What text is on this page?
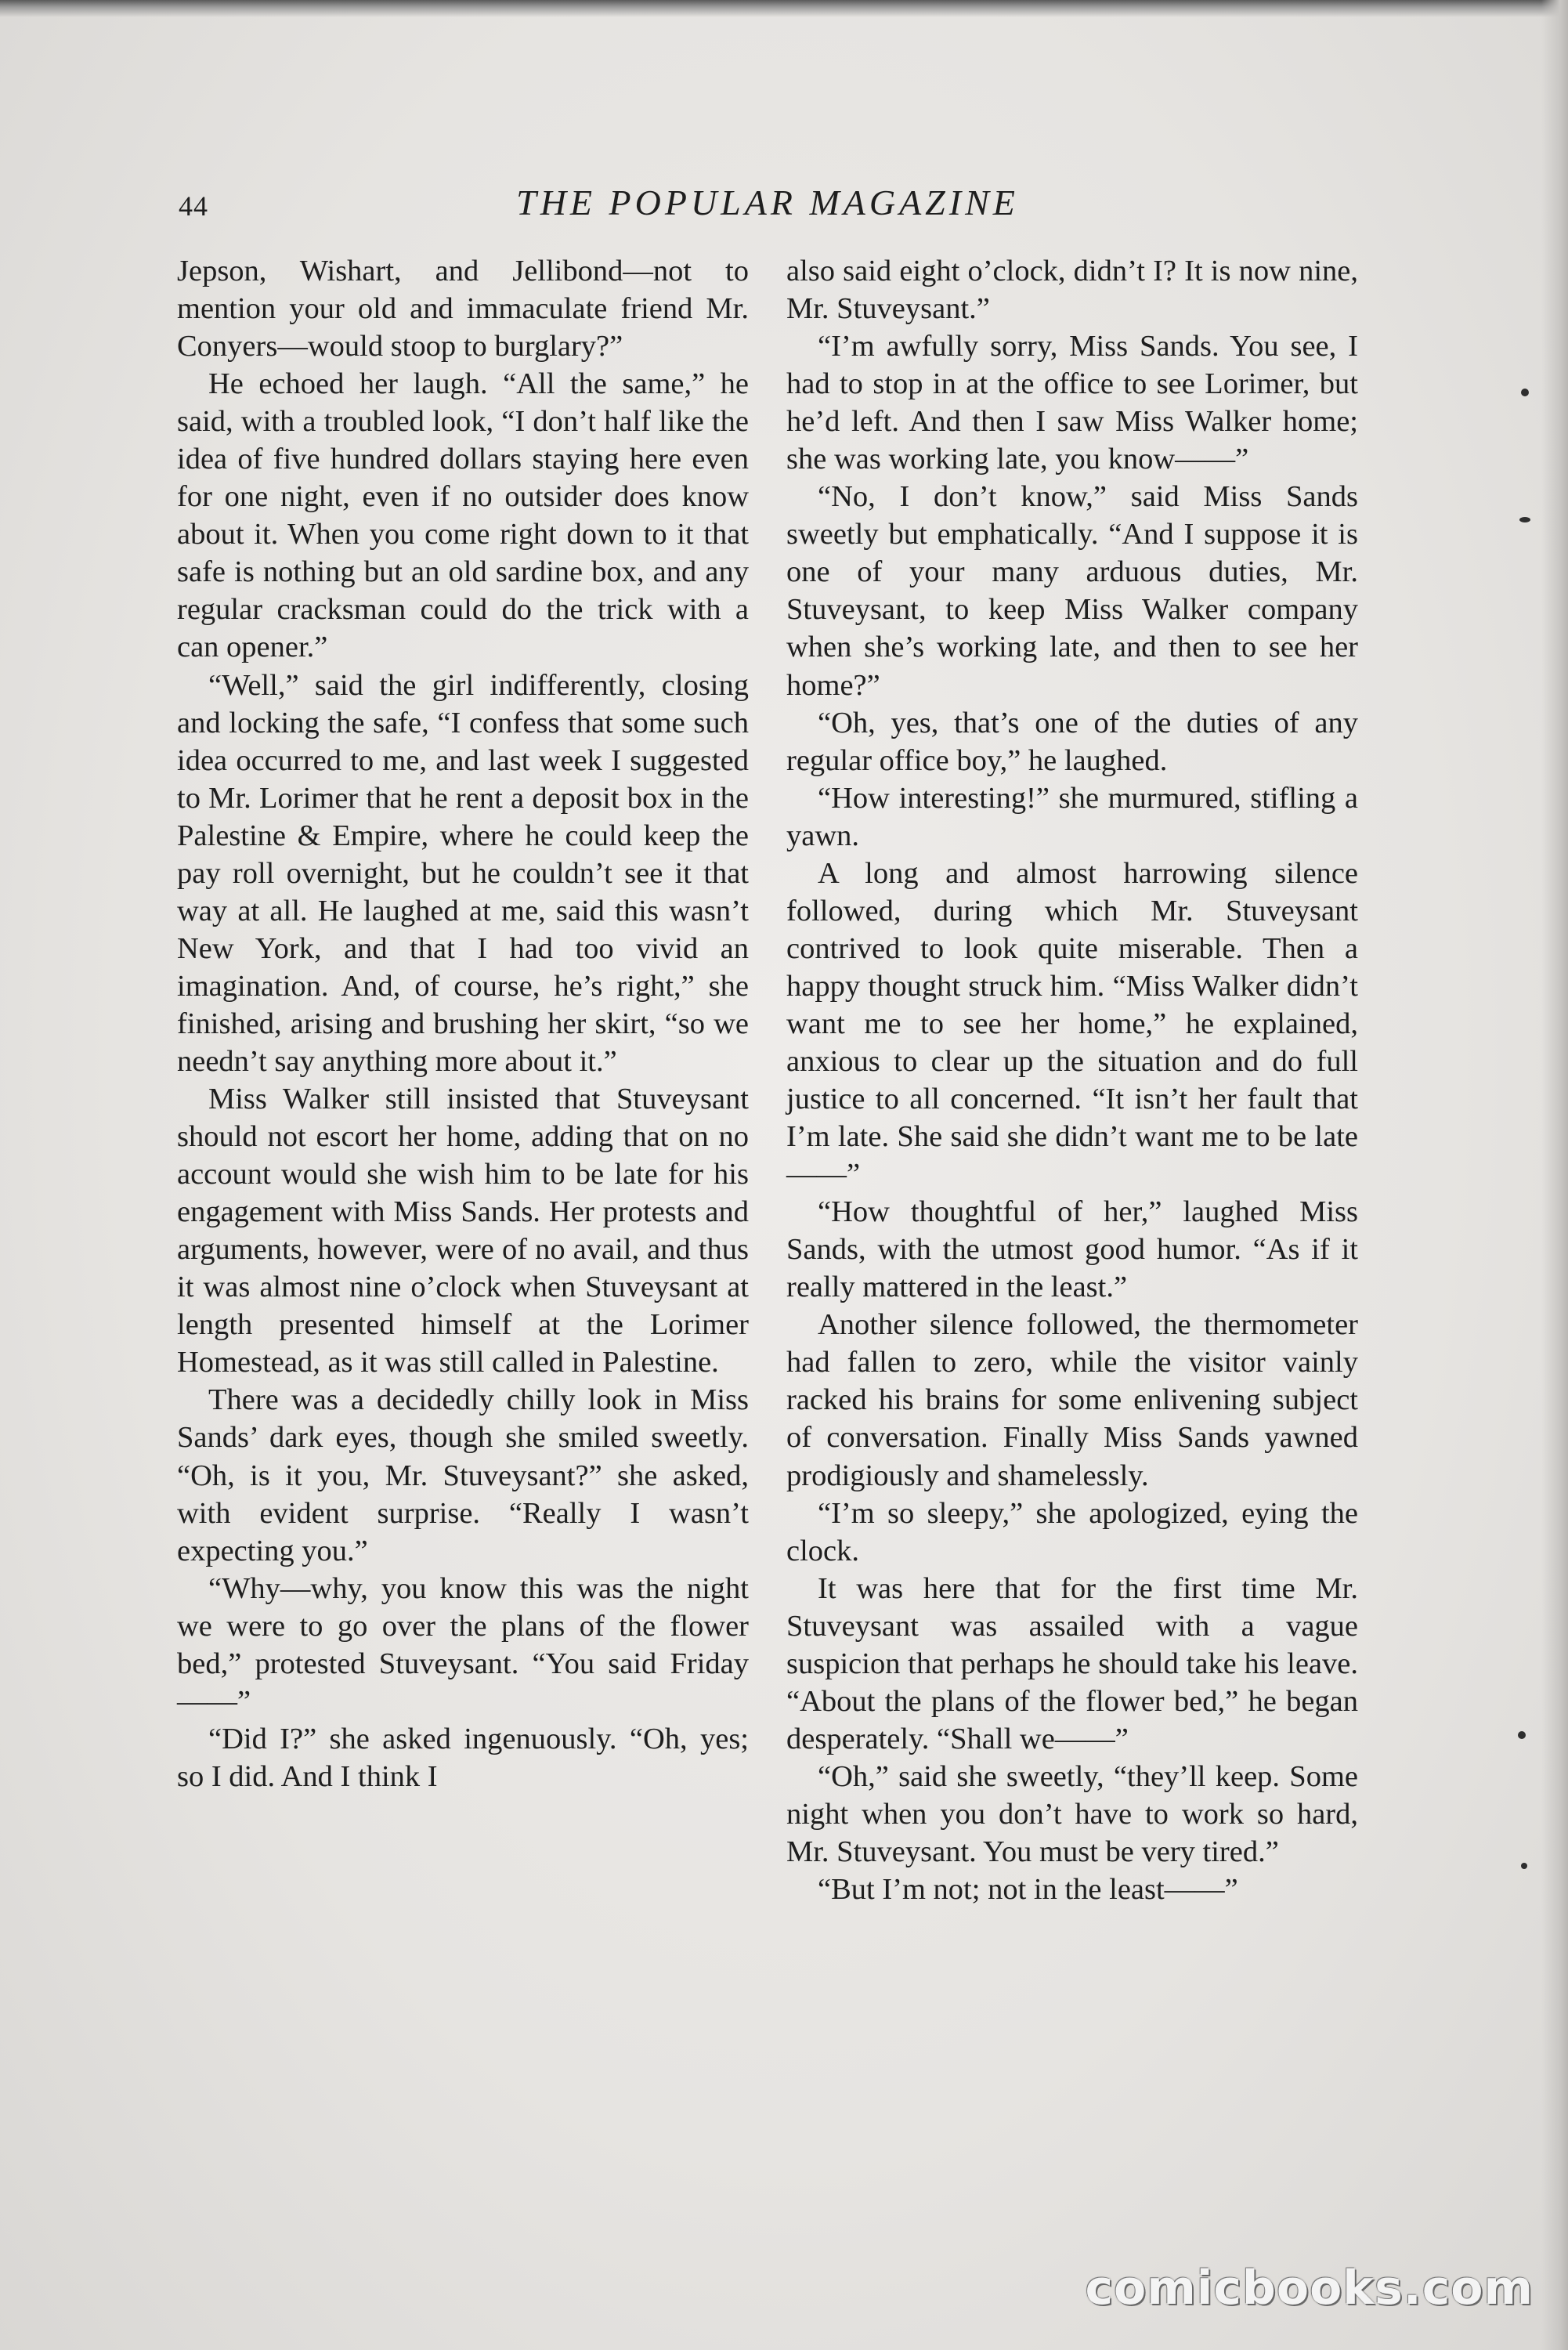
44	THE POPULAR MAGAZINE

Jepson, Wishart, and Jellibond—not to mention your old and immaculate friend Mr. Conyers—would stoop to burglary?”

He echoed her laugh. “All the same,” he said, with a troubled look, “I don’t half like the idea of five hundred dollars staying here even for one night, even if no outsider does know about it. When you come right down to it that safe is nothing but an old sardine box, and any regular cracksman could do the trick with a can opener.”

“Well,” said the girl indifferently, closing and locking the safe, “I confess that some such idea occurred to me, and last week I suggested to Mr. Lorimer that he rent a deposit box in the Palestine & Empire, where he could keep the pay roll overnight, but he couldn’t see it that way at all. He laughed at me, said this wasn’t New York, and that I had too vivid an imagination. And, of course, he’s right,” she finished, arising and brushing her skirt, “so we needn’t say anything more about it.”

Miss Walker still insisted that Stuveysant should not escort her home, adding that on no account would she wish him to be late for his engagement with Miss Sands. Her protests and arguments, however, were of no avail, and thus it was almost nine o’clock when Stuveysant at length presented himself at the Lorimer Homestead, as it was still called in Palestine.

There was a decidedly chilly look in Miss Sands’ dark eyes, though she smiled sweetly. “Oh, is it you, Mr. Stuveysant?” she asked, with evident surprise. “Really I wasn’t expecting you.”

“Why—why, you know this was the night we were to go over the plans of the flower bed,” protested Stuveysant. “You said Friday——”

“Did I?” she asked ingenuously. “Oh, yes; so I did. And I think I

also said eight o’clock, didn’t I? It is now nine, Mr. Stuveysant.”

“I’m awfully sorry, Miss Sands. You see, I had to stop in at the office to see Lorimer, but he’d left. And then I saw Miss Walker home; she was working late, you know——”

“No, I don’t know,” said Miss Sands sweetly but emphatically. “And I suppose it is one of your many arduous duties, Mr. Stuveysant, to keep Miss Walker company when she’s working late, and then to see her home?”

“Oh, yes, that’s one of the duties of any regular office boy,” he laughed.

“How interesting!” she murmured, stifling a yawn.

A long and almost harrowing silence followed, during which Mr. Stuveysant contrived to look quite miserable. Then a happy thought struck him. “Miss Walker didn’t want me to see her home,” he explained, anxious to clear up the situation and do full justice to all concerned. “It isn’t her fault that I’m late. She said she didn’t want me to be late——”

“How thoughtful of her,” laughed Miss Sands, with the utmost good humor. “As if it really mattered in the least.”

Another silence followed, the thermometer had fallen to zero, while the visitor vainly racked his brains for some enlivening subject of conversation. Finally Miss Sands yawned prodigiously and shamelessly.

“I’m so sleepy,” she apologized, eying the clock.

It was here that for the first time Mr. Stuveysant was assailed with a vague suspicion that perhaps he should take his leave. “About the plans of the flower bed,” he began desperately. “Shall we——”

“Oh,” said she sweetly, “they’ll keep. Some night when you don’t have to work so hard, Mr. Stuveysant. You must be very tired.”

“But I’m not; not in the least——”

comicbooks.com
